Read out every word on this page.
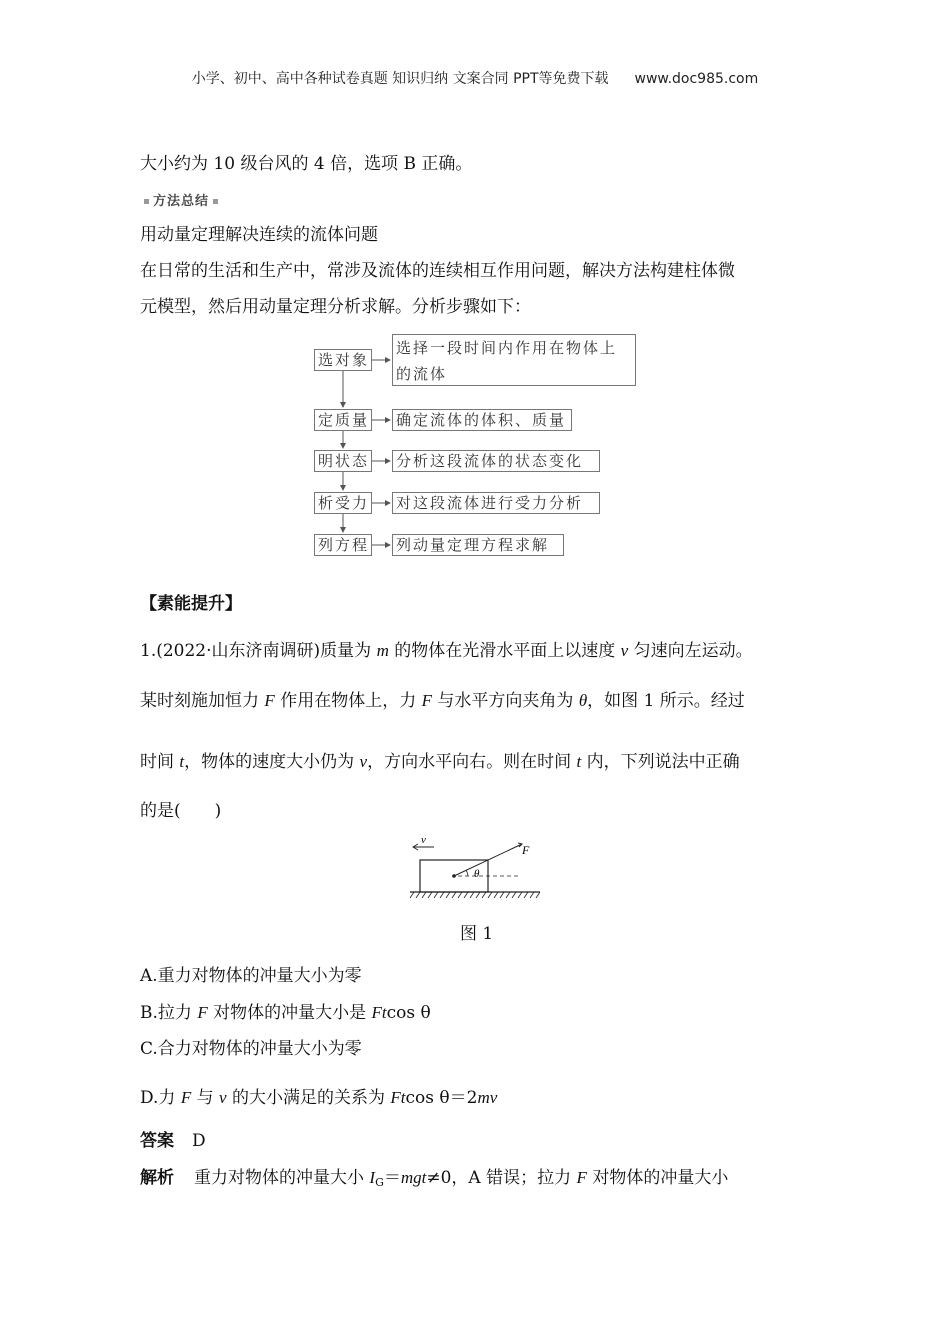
小学、初中、高中各种试卷真题 知识归纳 文案合同 PPT等免费下载 www.doc985.com
大小约为 10 级台风的 4 倍，选项 B 正确。
方法总结
用动量定理解决连续的流体问题
在日常的生活和生产中，常涉及流体的连续相互作用问题，解决方法构建柱体微
元模型，然后用动量定理分析求解。分析步骤如下：
选对象
选择一段时间内作用在物体上
的流体
定质量 确定流体的体积、质量
明状态 分析这段流体的状态变化
析受力 对这段流体进行受力分析
列方程 列动量定理方程求解
【素能提升】
1.(2022·山东济南调研)质量为 m 的物体在光滑水平面上以速度 v 匀速向左运动。
某时刻施加恒力 F 作用在物体上，力 F 与水平方向夹角为 θ，如图 1 所示。经过
时间 t，物体的速度大小仍为 v，方向水平向右。则在时间 t 内，下列说法中正确
的是(　　)
v
F
θ
图 1
A.重力对物体的冲量大小为零
B.拉力 F 对物体的冲量大小是 Ftcos θ
C.合力对物体的冲量大小为零
D.力 F 与 v 的大小满足的关系为 Ftcos θ＝2mv
答案 D
解析 重力对物体的冲量大小 $I_G=mgt\ne 0$，A 错误；拉力 F 对物体的冲量大小
